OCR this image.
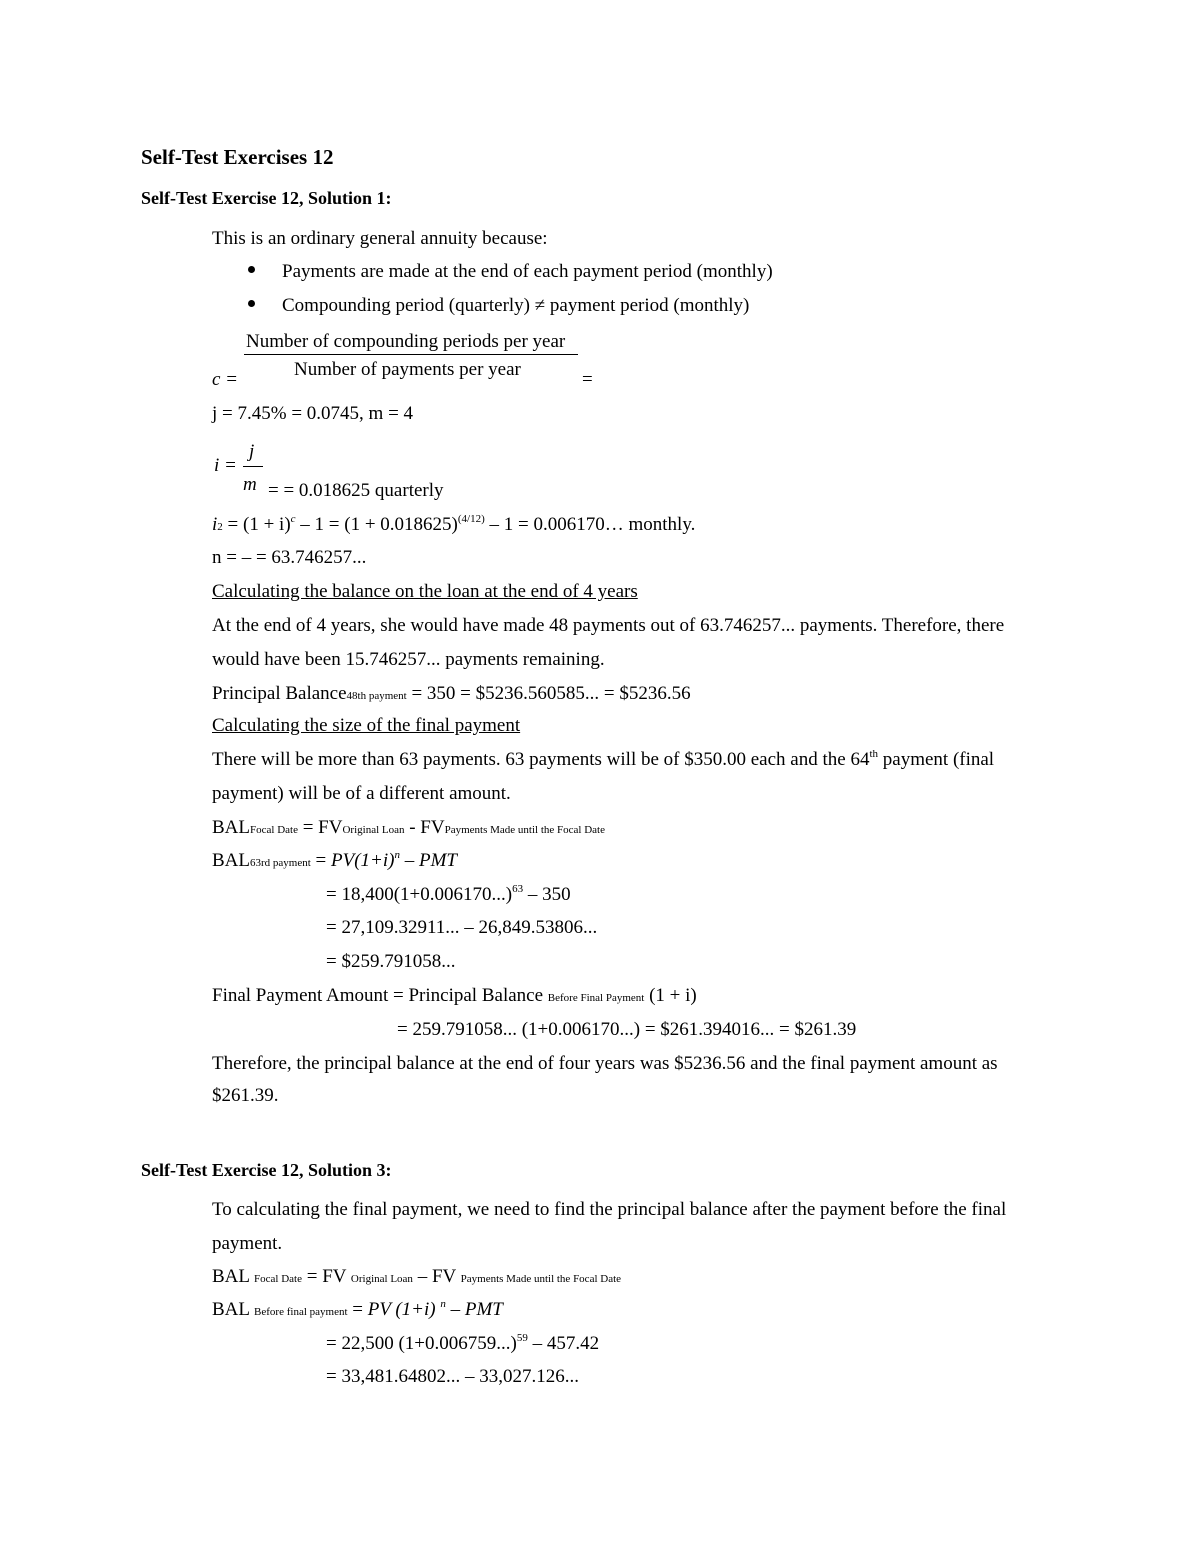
Self-Test Exercises 12
Self-Test Exercise 12, Solution 1:
This is an ordinary general annuity because:
Payments are made at the end of each payment period (monthly)
Compounding period (quarterly) ≠ payment period (monthly)
Number of compounding periods per year
Number of payments per year
c =	=
j = 7.45% = 0.0745, m = 4
i =
j
m = = 0.018625 quarterly
$i2 = (1 + i)^c - 1 = (1 + 0.018625)^{(4/12)} - 1$ = 0.006170… monthly.
n = – = 63.746257...
Calculating the balance on the loan at the end of 4 years
At the end of 4 years, she would have made 48 payments out of 63.746257... payments. Therefore, there
would have been 15.746257... payments remaining.
Principal Balance48th payment = 350 = $5236.560585... = $5236.56
Calculating the size of the final payment
There will be more than 63 payments. 63 payments will be of $350.00 each and the 64th payment (final
payment) will be of a different amount.
BALFocal Date = FVOriginal Loan - FVPayments Made until the Focal Date
BAL63rd payment = $PV(1+i)^n$ – PMT
= $18,400(1+0.006170...)^{63} - 350$
= 27,109.32911... – 26,849.53806...
= $259.791058...
Final Payment Amount = Principal Balance Before Final Payment (1 + i)
= 259.791058... (1+0.006170...) = $261.394016... = $261.39
Therefore, the principal balance at the end of four years was $5236.56 and the final payment amount as
$261.39.
Self-Test Exercise 12, Solution 3:
To calculating the final payment, we need to find the principal balance after the payment before the final
payment.
BAL Focal Date = FV Original Loan – FV Payments Made until the Focal Date
BAL Before final payment = PV (1+i) $^n$ – PMT
= 22,500 $(1+0.006759...)^{59} - 457.42$
= 33,481.64802... – 33,027.126...
